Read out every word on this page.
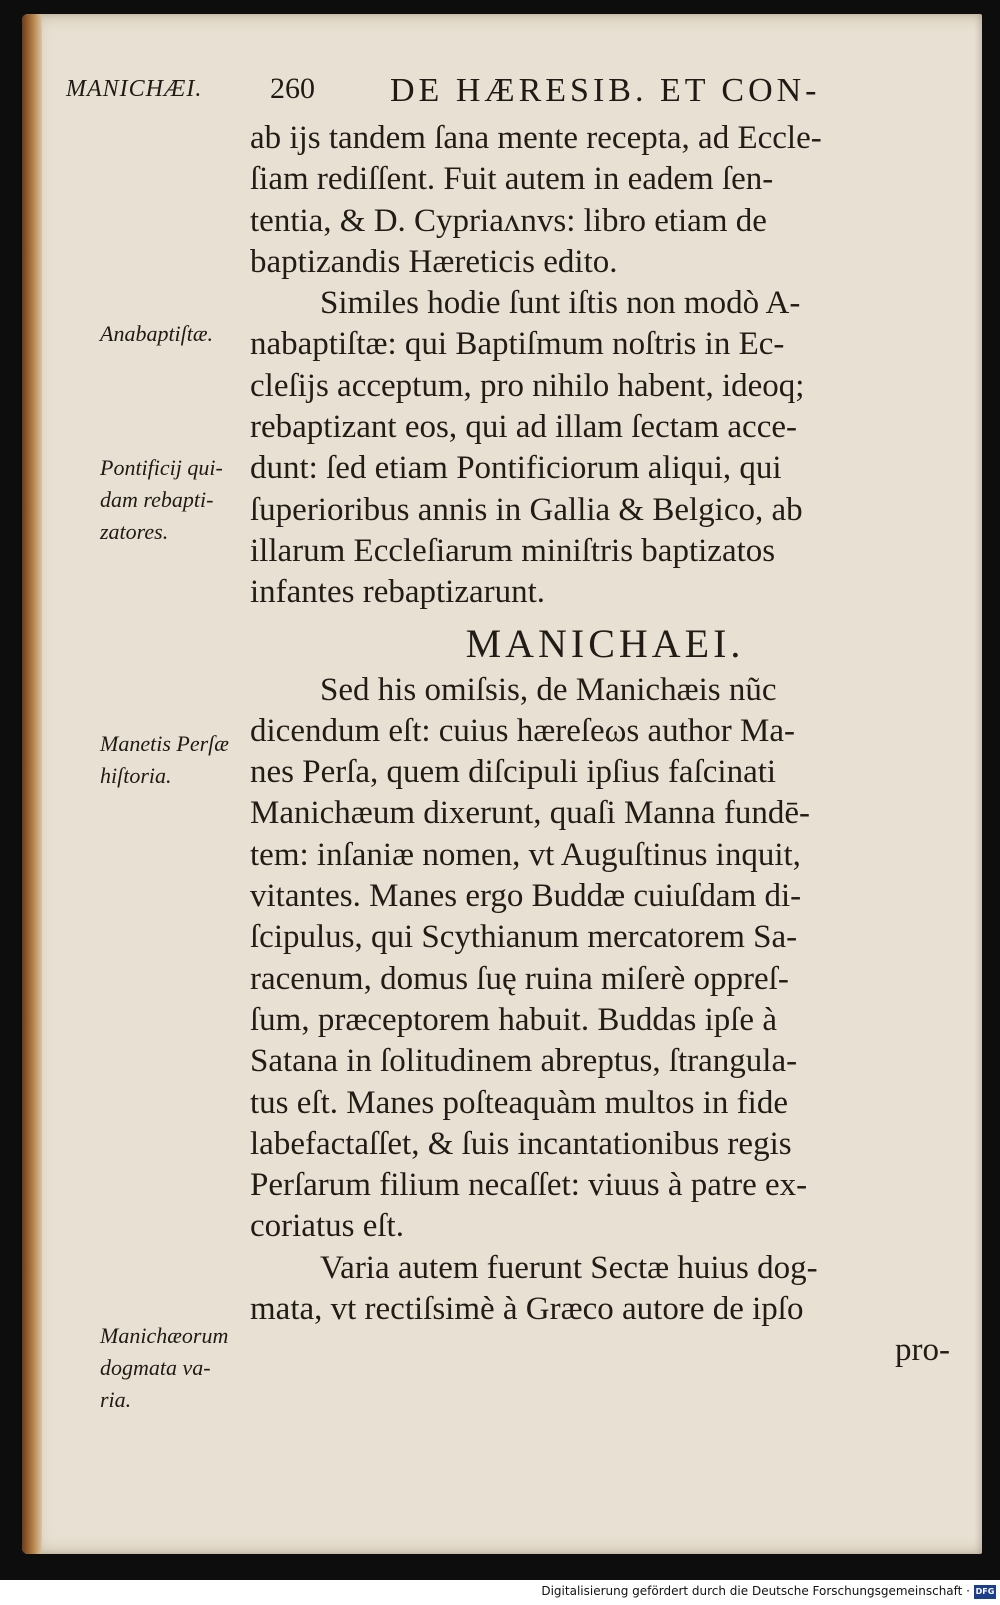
MANICHÆI. 260 DE HÆRESIB. ET CON-
ab ijs tandem ſana mente recepta, ad Eccle-
ſiam rediſſent. Fuit autem in eadem ſen-
tentia, & D. Cypriaʌnvs: libro etiam de
baptizandis Hæreticis edito.
Similes hodie ſunt iſtis non modò A-
nabaptiſtæ: qui Baptiſmum noſtris in Ec-
cleſijs acceptum, pro nihilo habent, ideoq;
rebaptizant eos, qui ad illam ſectam acce-
dunt: ſed etiam Pontificiorum aliqui, qui
ſuperioribus annis in Gallia & Belgico, ab
illarum Eccleſiarum miniſtris baptizatos
infantes rebaptizarunt.
MANICHAEI.
Sed his omiſsis, de Manichæis nũc
dicendum eſt: cuius hæreſeωs author Ma-
nes Perſa, quem diſcipuli ipſius faſcinati
Manichæum dixerunt, quaſi Manna fundē-
tem: inſaniæ nomen, vt Auguſtinus inquit,
vitantes. Manes ergo Buddæ cuiuſdam di-
ſcipulus, qui Scythianum mercatorem Sa-
racenum, domus ſuę ruina miſerè oppreſ-
ſum, præceptorem habuit. Buddas ipſe à
Satana in ſolitudinem abreptus, ſtrangula-
tus eſt. Manes poſteaquàm multos in fide
labefactaſſet, & ſuis incantationibus regis
Perſarum filium necaſſet: viuus à patre ex-
coriatus eſt.
Varia autem fuerunt Sectæ huius dog-
mata, vt rectiſsimè à Græco autore de ipſo
pro-
Anabaptiſtæ.
Pontificij qui-
dam rebapti-
zatores.
Manetis Perſæ
hiſtoria.
Manichæorum
dogmata va-
ria.
Digitalisierung gefördert durch die Deutsche Forschungsgemeinschaft · DFG
